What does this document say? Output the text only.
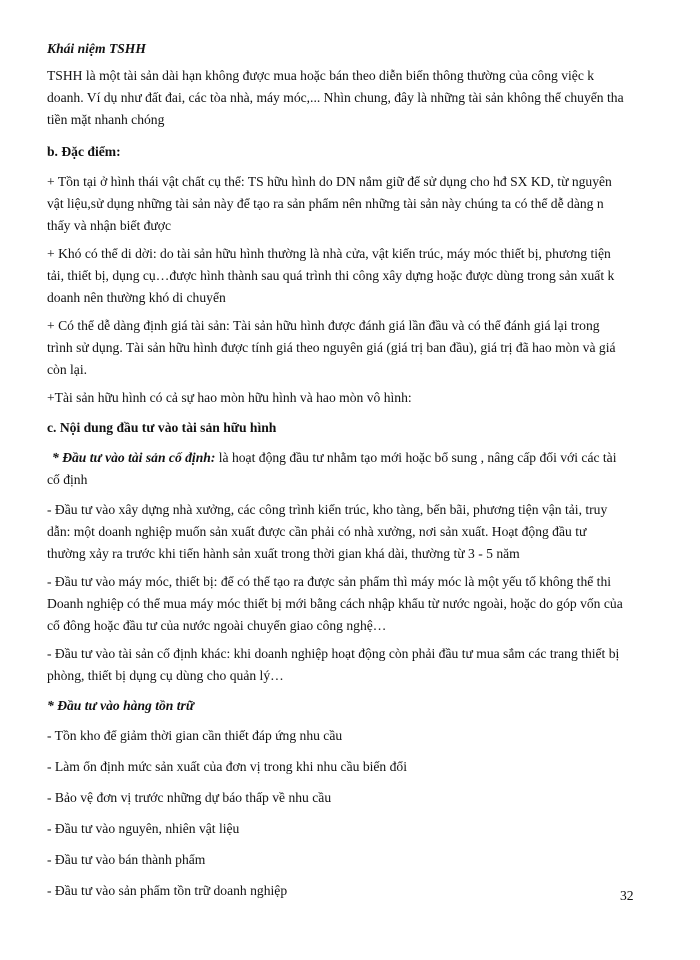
Khái niệm TSHH
TSHH là một tài sản dài hạn không được mua hoặc bán theo diễn biến thông thường của công việc k
doanh. Ví dụ như đất đai, các tòa nhà, máy móc,... Nhìn chung, đây là những tài sản không thể chuyển tha
tiền mặt nhanh chóng
b. Đặc điểm:
+ Tồn tại ở hình thái vật chất cụ thể: TS hữu hình do DN nắm giữ để sử dụng cho hđ SX KD, từ nguyên
vật liệu,sử dụng những tài sản này để tạo ra sản phẩm nên những tài sản này chúng ta có thể dễ dàng n
thấy và nhận biết được
+ Khó có thể di dời: do tài sản hữu hình thường là nhà cửa, vật kiến trúc, máy móc thiết bị, phương tiện
tải, thiết bị, dụng cụ…được hình thành sau quá trình thi công xây dựng hoặc được dùng trong sản xuất k
doanh nên thường khó di chuyển
+ Có thể dễ dàng định giá tài sản: Tài sản hữu hình được đánh giá lần đầu và có thể đánh giá lại trong
trình sử dụng. Tài sản hữu hình được tính giá theo nguyên giá (giá trị ban đầu), giá trị đã hao mòn và giá
còn lại.
+Tài sản hữu hình có cả sự hao mòn hữu hình và hao mòn vô hình:
c. Nội dung đầu tư vào tài sản hữu hình
* Đầu tư vào tài sản cố định: là hoạt động đầu tư nhằm tạo mới hoặc bổ sung , nâng cấp đối với các tài
cố định
- Đầu tư vào xây dựng nhà xưởng, các công trình kiến trúc, kho tàng, bến bãi, phương tiện vận tải, truy
dẫn: một doanh nghiệp muốn sản xuất được cần phải có nhà xưởng, nơi sản xuất. Hoạt động đầu tư
thường xảy ra trước khi tiến hành sản xuất trong thời gian khá dài, thường từ 3 - 5 năm
- Đầu tư vào máy móc, thiết bị: để có thể tạo ra được sản phẩm thì máy móc là một yếu tố không thể thi
Doanh nghiệp có thể mua máy móc thiết bị mới bằng cách nhập khẩu từ nước ngoài, hoặc do góp vốn của
cổ đông hoặc đầu tư của nước ngoài chuyển giao công nghệ…
- Đầu tư vào tài sản cố định khác: khi doanh nghiệp hoạt động còn phải đầu tư mua sắm các trang thiết bị
phòng, thiết bị dụng cụ dùng cho quản lý…
* Đầu tư vào hàng tồn trữ
- Tồn kho để giảm thời gian cần thiết đáp ứng nhu cầu
- Làm ổn định mức sản xuất của đơn vị trong khi nhu cầu biến đổi
- Bảo vệ đơn vị trước những dự báo thấp về nhu cầu
- Đầu tư vào nguyên, nhiên vật liệu
- Đầu tư vào bán thành phẩm
- Đầu tư vào sản phẩm tồn trữ doanh nghiệp	32
